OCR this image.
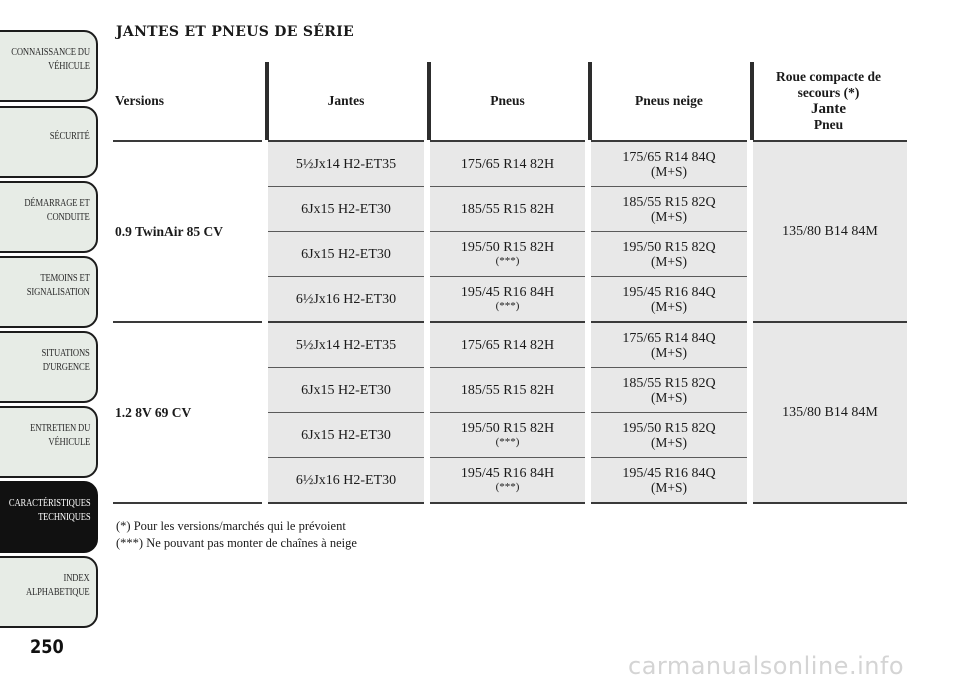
CONNAISSANCE DU
VÉHICULE
SÉCURITÉ
DÉMARRAGE ET
CONDUITE
TEMOINS ET
SIGNALISATION
SITUATIONS
D'URGENCE
ENTRETIEN DU
VÉHICULE
CARACTÉRISTIQUES
TECHNIQUES
INDEX
ALPHABETIQUE
250
carmanualsonline.info
JANTES ET PNEUS DE SÉRIE
Versions	Jantes	Pneus	Pneus neige	Roue compacte de
secours (*)
Jante
Pneu

0.9 TwinAir 85 CV	5½Jx14 H2-ET35	175/65 R14 82H	175/65 R14 84Q
(M+S)	135/80 B14 84M
	6Jx15 H2-ET30	185/55 R15 82H	185/55 R15 82Q
(M+S)	

	6Jx15 H2-ET30	195/50 R15 82H
(***)	195/50 R15 82Q
(M+S)	

	6½Jx16 H2-ET30	195/45 R16 84H
(***)	195/45 R16 84Q
(M+S)	

1.2 8V 69 CV	5½Jx14 H2-ET35	175/65 R14 82H	175/65 R14 84Q
(M+S)	135/80 B14 84M
	6Jx15 H2-ET30	185/55 R15 82H	185/55 R15 82Q
(M+S)	

	6Jx15 H2-ET30	195/50 R15 82H
(***)	195/50 R15 82Q
(M+S)	

	6½Jx16 H2-ET30	195/45 R16 84H
(***)	195/45 R16 84Q
(M+S)	
(*) Pour les versions/marchés qui le prévoient
(***) Ne pouvant pas monter de chaînes à neige
